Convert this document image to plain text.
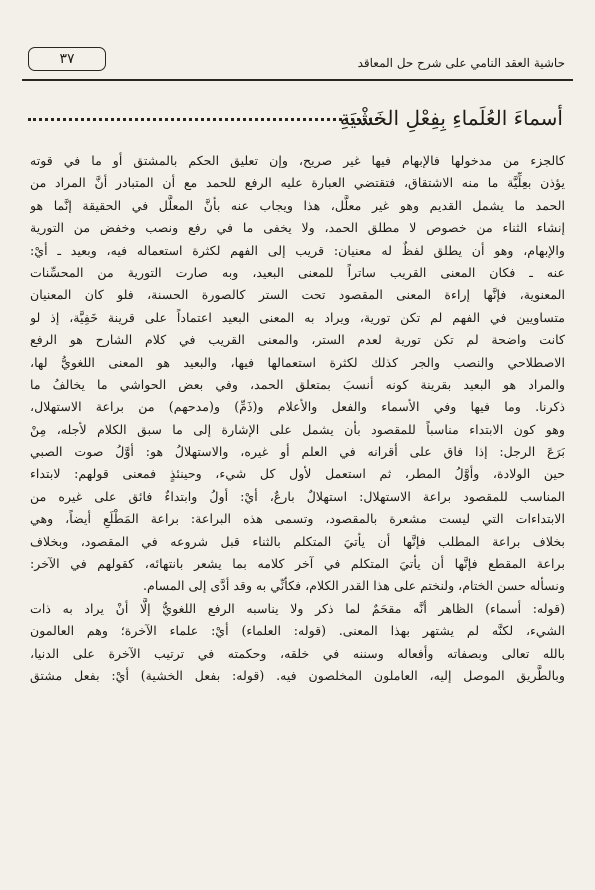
حاشية العقد النامي على شرح حل المعاقد
٣٧
أسماءَ العُلَماءِ بِفِعْلِ الخَشْيَةِ
كالجزء من مدخولها فالإبهام فيها غير صريح، وإن تعليق الحكم بالمشتق أو ما في قوته
يؤذن بعِلِّيَّة ما منه الاشتقاق، فتقتضي العبارة عليه الرفع للحمد مع أن المتبادر أنَّ المراد من
الحمد ما يشمل القديم وهو غير معلَّل، هذا ويجاب عنه بأنَّ المعلَّل في الحقيقة إنَّما هو
إنشاء الثناء من خصوص لا مطلق الحمد، ولا يخفى ما في رفع ونصب وخفض من التورية
والإبهام، وهو أن يطلق لفظٌ له معنيان: قريب إلى الفهم لكثرة استعماله فيه، وبعيد ـ أيْ:
عنه ـ فكان المعنى القريب ساتراً للمعنى البعيد، وبه صارت التورية من المحسِّنات
المعنوية، فإنَّها إراءة المعنى المقصود تحت الستر كالصورة الحسنة، فلو كان المعنيان
متساويين في الفهم لم تكن تورية، ويراد به المعنى البعيد اعتماداً على قرينة خَفِيَّة، إذ لو
كانت واضحة لم تكن تورية لعدم الستر، والمعنى القريب في كلام الشارح هو الرفع
الاصطلاحي والنصب والجر كذلك لكثرة استعمالها فيها، والبعيد هو المعنى اللغويُّ لها،
والمراد هو البعيد بقرينة كونه أنسبَ بمتعلق الحمد، وفي بعض الحواشي ما يخالفُ ما
ذكرنا. وما فيها وفي الأسماء والفعل والأعلام و(ذَمِّ) و(مدحهم) من براعة الاستهلال،
وهو كون الابتداء مناسباً للمقصود بأن يشمل على الإشارة إلى ما سبق الكلام لأجله، مِنْ
بَرَعَ الرجل: إذا فاق على أقرانه في العلم أو غيره، والاستهلالُ هو: أوَّلُ صوت الصبي
حين الولادة، وأوَّلُ المطر، ثم استعمل لأول كل شيء، وحينئذٍ فمعنى قولهم: لابتداء
المناسب للمقصود براعة الاستهلال: استهلالٌ بارعٌ، أيْ: أولُ وابتداءٌ فائق على غيره من
الابتداءات التي ليست مشعرة بالمقصود، وتسمى هذه البراعة: براعة المَطْلَعِ أيضاً، وهي
بخلاف براعة المطلب فإنَّها أن يأتيَ المتكلم بالثناء قبل شروعه في المقصود، وبخلاف
براعة المقطع فإنَّها أن يأتيَ المتكلم في آخر كلامه بما يشعر بانتهائه، كقولهم في الآخر:
ونسأله حسن الختام، ولنختم على هذا القدر الكلام، فكأنِّي به وقد أدَّى إلى المسام.
(قوله: أسماء) الظاهر أنَّه مقحَمٌ لما ذكر ولا يناسبه الرفع اللغويُّ إلَّا أنْ يراد به ذات
الشيء، لكنَّه لم يشتهر بهذا المعنى. (قوله: العلماء) أيْ: علماء الآخرة؛ وهم العالمون
بالله تعالى وبصفاته وأفعاله وسننه في خلقه، وحكمته في ترتيب الآخرة على الدنيا،
وبالطَّريق الموصل إليه، العاملون المخلصون فيه. (قوله: بفعل الخشية) أيْ: بفعل مشتق
